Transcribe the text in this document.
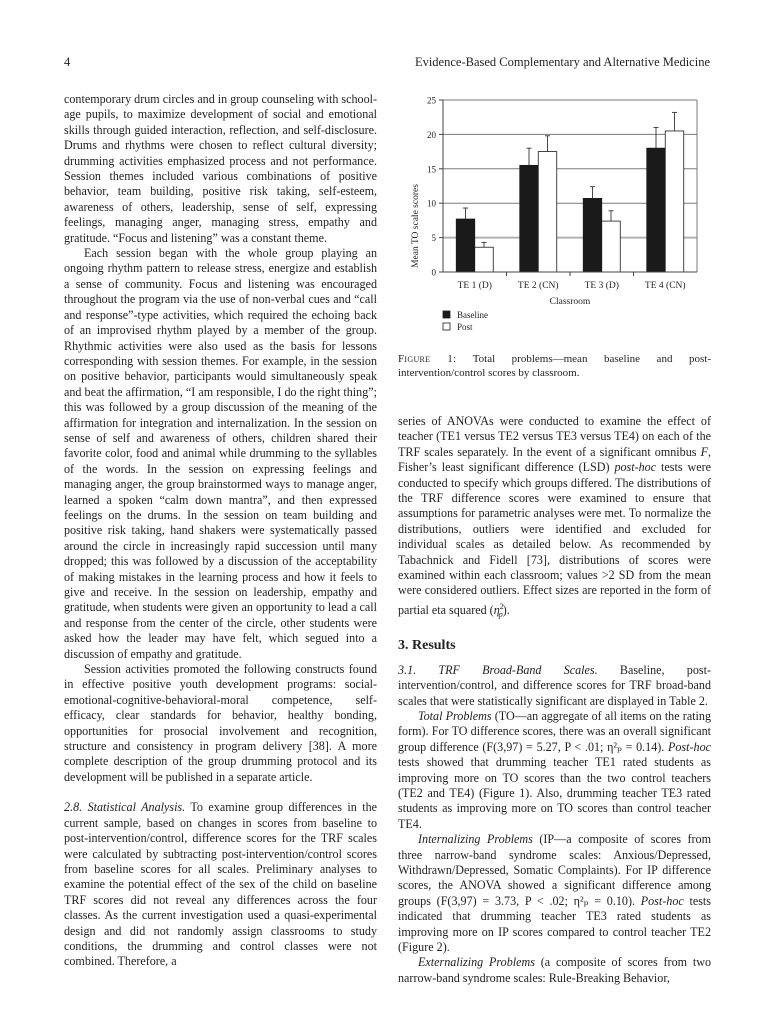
4	Evidence-Based Complementary and Alternative Medicine

contemporary drum circles and in group counseling with school-age pupils, to maximize development of social and emotional skills through guided interaction, reflection, and self-disclosure. Drums and rhythms were chosen to reflect cultural diversity; drumming activities emphasized process and not performance. Session themes included various combinations of positive behavior, team building, positive risk taking, self-esteem, awareness of others, leadership, sense of self, expressing feelings, managing anger, managing stress, empathy and gratitude. “Focus and listening” was a constant theme.

Each session began with the whole group playing an ongoing rhythm pattern to release stress, energize and establish a sense of community. Focus and listening was encouraged throughout the program via the use of non-verbal cues and “call and response”-type activities, which required the echoing back of an improvised rhythm played by a member of the group. Rhythmic activities were also used as the basis for lessons corresponding with session themes. For example, in the session on positive behavior, participants would simultaneously speak and beat the affirmation, “I am responsible, I do the right thing”; this was followed by a group discussion of the meaning of the affirmation for integration and internalization. In the session on sense of self and awareness of others, children shared their favorite color, food and animal while drumming to the syllables of the words. In the session on expressing feelings and managing anger, the group brainstormed ways to manage anger, learned a spoken “calm down mantra”, and then expressed feelings on the drums. In the session on team building and positive risk taking, hand shakers were systematically passed around the circle in increasingly rapid succession until many dropped; this was followed by a discussion of the acceptability of making mistakes in the learning process and how it feels to give and receive. In the session on leadership, empathy and gratitude, when students were given an opportunity to lead a call and response from the center of the circle, other students were asked how the leader may have felt, which segued into a discussion of empathy and gratitude.

Session activities promoted the following constructs found in effective positive youth development programs: social-emotional-cognitive-behavioral-moral competence, self-efficacy, clear standards for behavior, healthy bonding, opportunities for prosocial involvement and recognition, structure and consistency in program delivery [38]. A more complete description of the group drumming protocol and its development will be published in a separate article.

2.8. Statistical Analysis. To examine group differences in the current sample, based on changes in scores from baseline to post-intervention/control, difference scores for the TRF scales were calculated by subtracting post-intervention/control scores from baseline scores for all scales. Preliminary analyses to examine the potential effect of the sex of the child on baseline TRF scores did not reveal any differences across the four classes. As the current investigation used a quasi-experimental design and did not randomly assign classrooms to study conditions, the drumming and control classes were not combined. Therefore, a

0
5
10
15
20
25
TE 1 (D)	TE 2 (CN)	TE 3 (D)	TE 4 (CN)
Mean TO scale scores
Classroom
Baseline
Post
Figure 1: Total problems—mean baseline and post-
intervention/control scores by classroom.

series of ANOVAs were conducted to examine the effect of teacher (TE1 versus TE2 versus TE3 versus TE4) on each of the TRF scales separately. In the event of a significant omnibus F, Fisher’s least significant difference (LSD) post-hoc tests were conducted to specify which groups differed. The distributions of the TRF difference scores were examined to ensure that assumptions for parametric analyses were met. To normalize the distributions, outliers were identified and excluded for individual scales as detailed below. As recommended by Tabachnick and Fidell [73], distributions of scores were examined within each classroom; values >2 SD from the mean were considered outliers. Effect sizes are reported in the form of partial eta squared $(\eta^2_p)$.

3. Results

3.1. TRF Broad-Band Scales. Baseline, post-intervention/control, and difference scores for TRF broad-band scales that were statistically significant are displayed in Table 2.

Total Problems (TO—an aggregate of all items on the rating form). For TO difference scores, there was an overall significant group difference (F(3,97) = 5.27, P < .01; η²ₚ = 0.14). Post-hoc tests showed that drumming teacher TE1 rated students as improving more on TO scores than the two control teachers (TE2 and TE4) (Figure 1). Also, drumming teacher TE3 rated students as improving more on TO scores than control teacher TE4.

Internalizing Problems (IP—a composite of scores from three narrow-band syndrome scales: Anxious/Depressed, Withdrawn/Depressed, Somatic Complaints). For IP difference scores, the ANOVA showed a significant difference among groups (F(3,97) = 3.73, P < .02; η²ₚ = 0.10). Post-hoc tests indicated that drumming teacher TE3 rated students as improving more on IP scores compared to control teacher TE2 (Figure 2).

Externalizing Problems (a composite of scores from two narrow-band syndrome scales: Rule-Breaking Behavior,
